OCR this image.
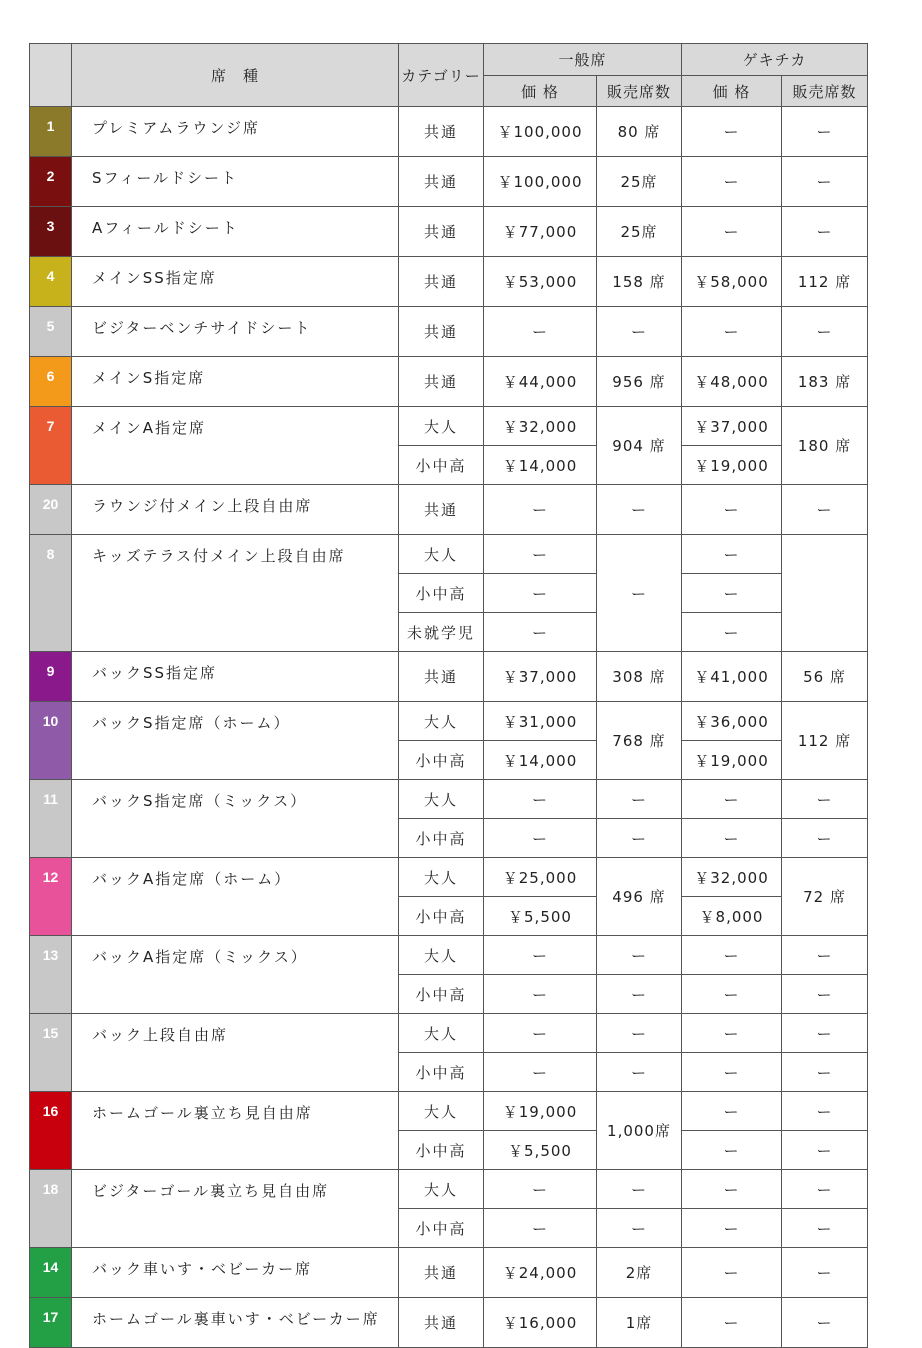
	席　種	カテゴリー	一般席		ゲキチカ	
			価 格	販売席数	価 格	販売席数
1	プレミアムラウンジ席	共通	￥100,000	80 席	ー	ー
2	Sフィールドシート	共通	￥100,000	25席	ー	ー
3	Aフィールドシート	共通	￥77,000	25席	ー	ー
4	メインSS指定席	共通	￥53,000	158 席	￥58,000	112 席
5	ビジターベンチサイドシート	共通	ー	ー	ー	ー
6	メインS指定席	共通	￥44,000	956 席	￥48,000	183 席
7	メインA指定席	大人	￥32,000	904 席	￥37,000	180 席
		小中高	￥14,000		￥19,000	
20	ラウンジ付メイン上段自由席	共通	ー	ー	ー	ー
8	キッズテラス付メイン上段自由席	大人	ー	ー	ー	
		小中高	ー		ー	
		未就学児	ー		ー	
9	バックSS指定席	共通	￥37,000	308 席	￥41,000	56 席
10	バックS指定席（ホーム）	大人	￥31,000	768 席	￥36,000	112 席
		小中高	￥14,000		￥19,000	
11	バックS指定席（ミックス）	大人	ー	ー	ー	ー
		小中高	ー	ー	ー	ー
12	バックA指定席（ホーム）	大人	￥25,000	496 席	￥32,000	72 席
		小中高	￥5,500		￥8,000	
13	バックA指定席（ミックス）	大人	ー	ー	ー	ー
		小中高	ー	ー	ー	ー
15	バック上段自由席	大人	ー	ー	ー	ー
		小中高	ー	ー	ー	ー
16	ホームゴール裏立ち見自由席	大人	￥19,000	1,000席	ー	ー
		小中高	￥5,500		ー	ー
18	ビジターゴール裏立ち見自由席	大人	ー	ー	ー	ー
		小中高	ー	ー	ー	ー
14	バック車いす・ベビーカー席	共通	￥24,000	2席	ー	ー
17	ホームゴール裏車いす・ベビーカー席	共通	￥16,000	1席	ー	ー
